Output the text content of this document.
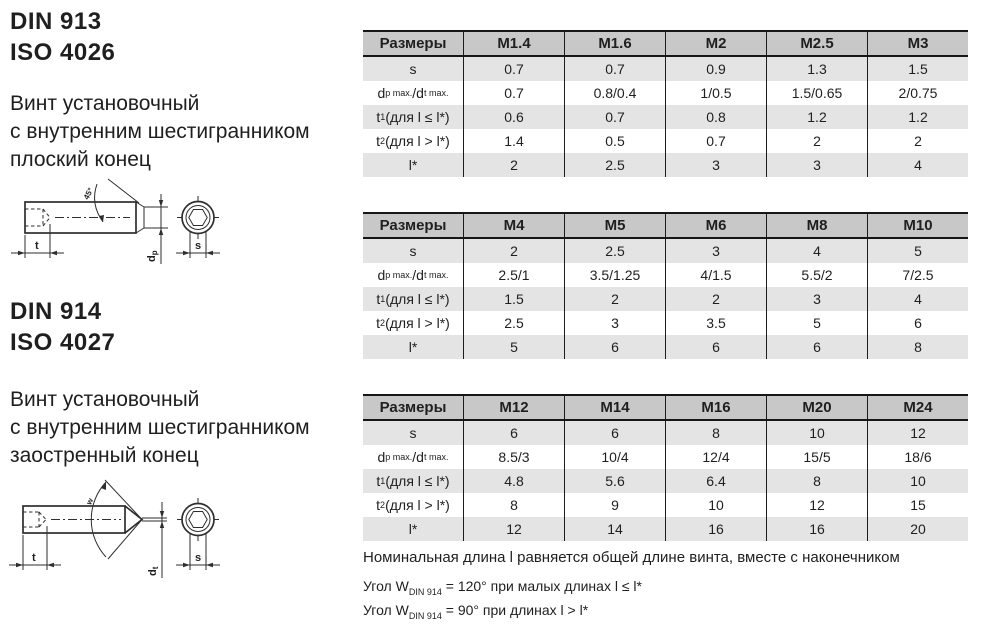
DIN 913
ISO 4026
Винт установочный
с внутренним шестигранником
плоский конец
45°
t
dp
s
DIN 914
ISO 4027
Винт установочный
с внутренним шестигранником
заостренный конец
w
t
dt
s
Размеры	M1.4	M1.6	M2	M2.5	M3
s	0.7	0.7	0.9	1.3	1.5
d p max. /d t max.	0.7	0.8/0.4	1/0.5	1.5/0.65	2/0.75
t 1 (для l ≤ l*)	0.6	0.7	0.8	1.2	1.2
t 2 (для l > l*)	1.4	0.5	0.7	2	2
l*	2	2.5	3	3	4
Размеры	M4	M5	M6	M8	M10
s	2	2.5	3	4	5
d p max. /d t max.	2.5/1	3.5/1.25	4/1.5	5.5/2	7/2.5
t 1 (для l ≤ l*)	1.5	2	2	3	4
t 2 (для l > l*)	2.5	3	3.5	5	6
l*	5	6	6	6	8
Размеры	M12	M14	M16	M20	M24
s	6	6	8	10	12
d p max. /d t max.	8.5/3	10/4	12/4	15/5	18/6
t 1 (для l ≤ l*)	4.8	5.6	6.4	8	10
t 2 (для l > l*)	8	9	10	12	15
l*	12	14	16	16	20
Номинальная длина l равняется общей длине винта, вместе с наконечником
Угол $W_{DIN 914} = 120^\circ$ при малых длинах l ≤ l*
Угол $W_{DIN 914} = 90^\circ$ при длинах l > l*
